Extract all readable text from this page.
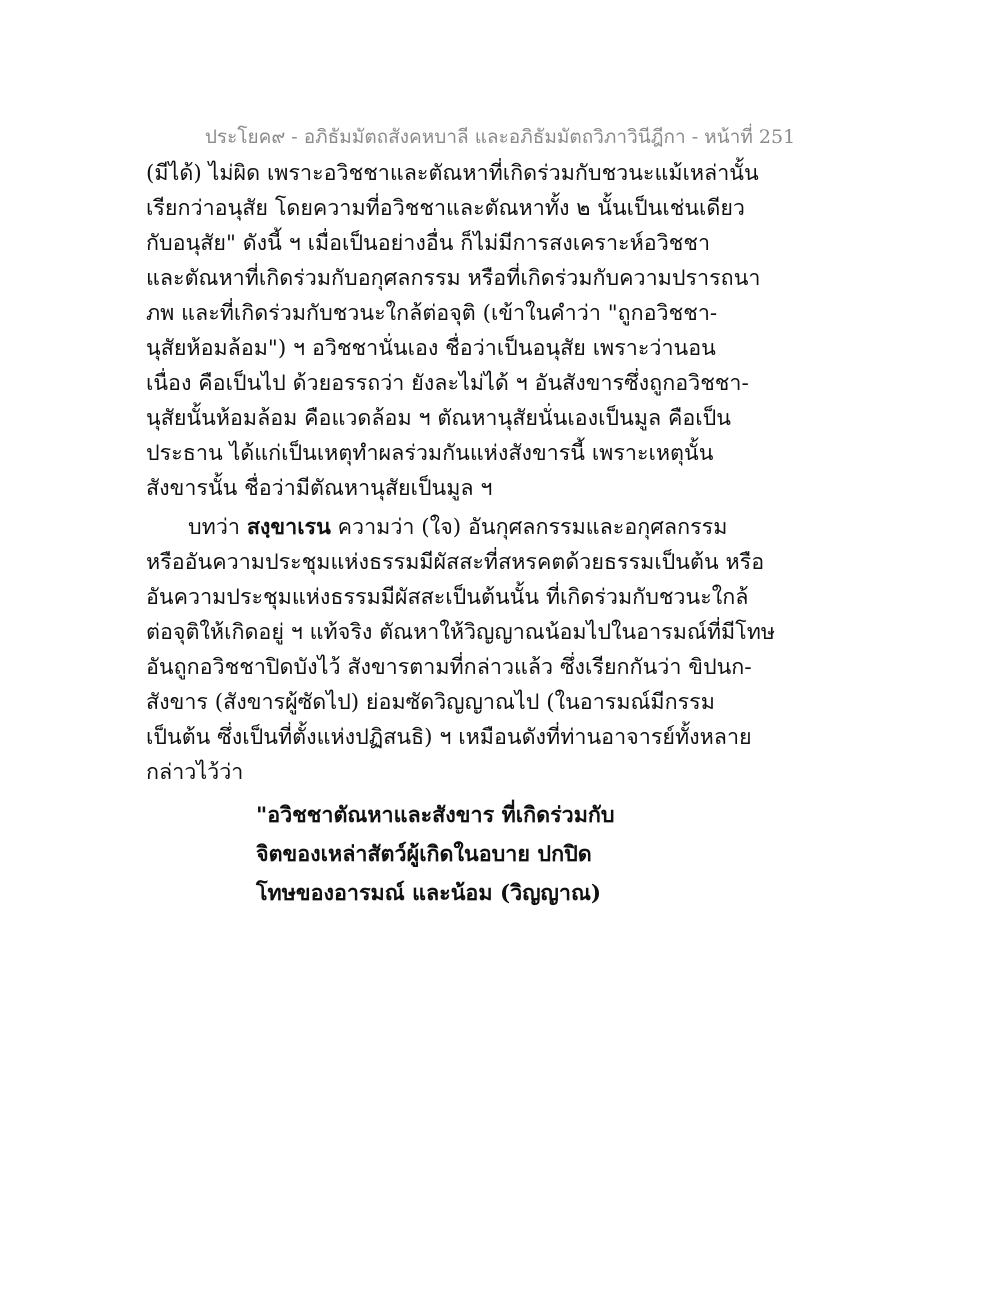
ประโยค๙ - อภิธัมมัตถสังคหบาลี และอภิธัมมัตถวิภาวินีฎีกา - หน้าที่ 251
(มีได้) ไม่ผิด เพราะอวิชชาและตัณหาที่เกิดร่วมกับชวนะแม้เหล่านั้น
เรียกว่าอนุสัย โดยความที่อวิชชาและตัณหาทั้ง ๒ นั้นเป็นเช่นเดียว
กับอนุสัย" ดังนี้ ฯ เมื่อเป็นอย่างอื่น ก็ไม่มีการสงเคราะห์อวิชชา
และตัณหาที่เกิดร่วมกับอกุศลกรรม หรือที่เกิดร่วมกับความปรารถนา
ภพ และที่เกิดร่วมกับชวนะใกล้ต่อจุติ (เข้าในคำว่า "ถูกอวิชชา-
นุสัยห้อมล้อม") ฯ อวิชชานั่นเอง ชื่อว่าเป็นอนุสัย เพราะว่านอน
เนื่อง คือเป็นไป ด้วยอรรถว่า ยังละไม่ได้ ฯ อันสังขารซึ่งถูกอวิชชา-
นุสัยนั้นห้อมล้อม คือแวดล้อม ฯ ตัณหานุสัยนั่นเองเป็นมูล คือเป็น
ประธาน ได้แก่เป็นเหตุทำผลร่วมกันแห่งสังขารนี้ เพราะเหตุนั้น
สังขารนั้น ชื่อว่ามีตัณหานุสัยเป็นมูล ฯ
บทว่า สงฺขาเรน ความว่า (ใจ) อันกุศลกรรมและอกุศลกรรม
หรืออันความประชุมแห่งธรรมมีผัสสะที่สหรคตด้วยธรรมเป็นต้น หรือ
อันความประชุมแห่งธรรมมีผัสสะเป็นต้นนั้น ที่เกิดร่วมกับชวนะใกล้
ต่อจุติให้เกิดอยู่ ฯ แท้จริง ตัณหาให้วิญญาณน้อมไปในอารมณ์ที่มีโทษ
อันถูกอวิชชาปิดบังไว้ สังขารตามที่กล่าวแล้ว ซึ่งเรียกกันว่า ขิปนก-
สังขาร (สังขารผู้ซัดไป) ย่อมซัดวิญญาณไป (ในอารมณ์มีกรรม
เป็นต้น ซึ่งเป็นที่ตั้งแห่งปฏิสนธิ) ฯ เหมือนดังที่ท่านอาจารย์ทั้งหลาย
กล่าวไว้ว่า
"อวิชชาตัณหาและสังขาร ที่เกิดร่วมกับ
จิตของเหล่าสัตว์ผู้เกิดในอบาย ปกปิด
โทษของอารมณ์ และน้อม (วิญญาณ)
